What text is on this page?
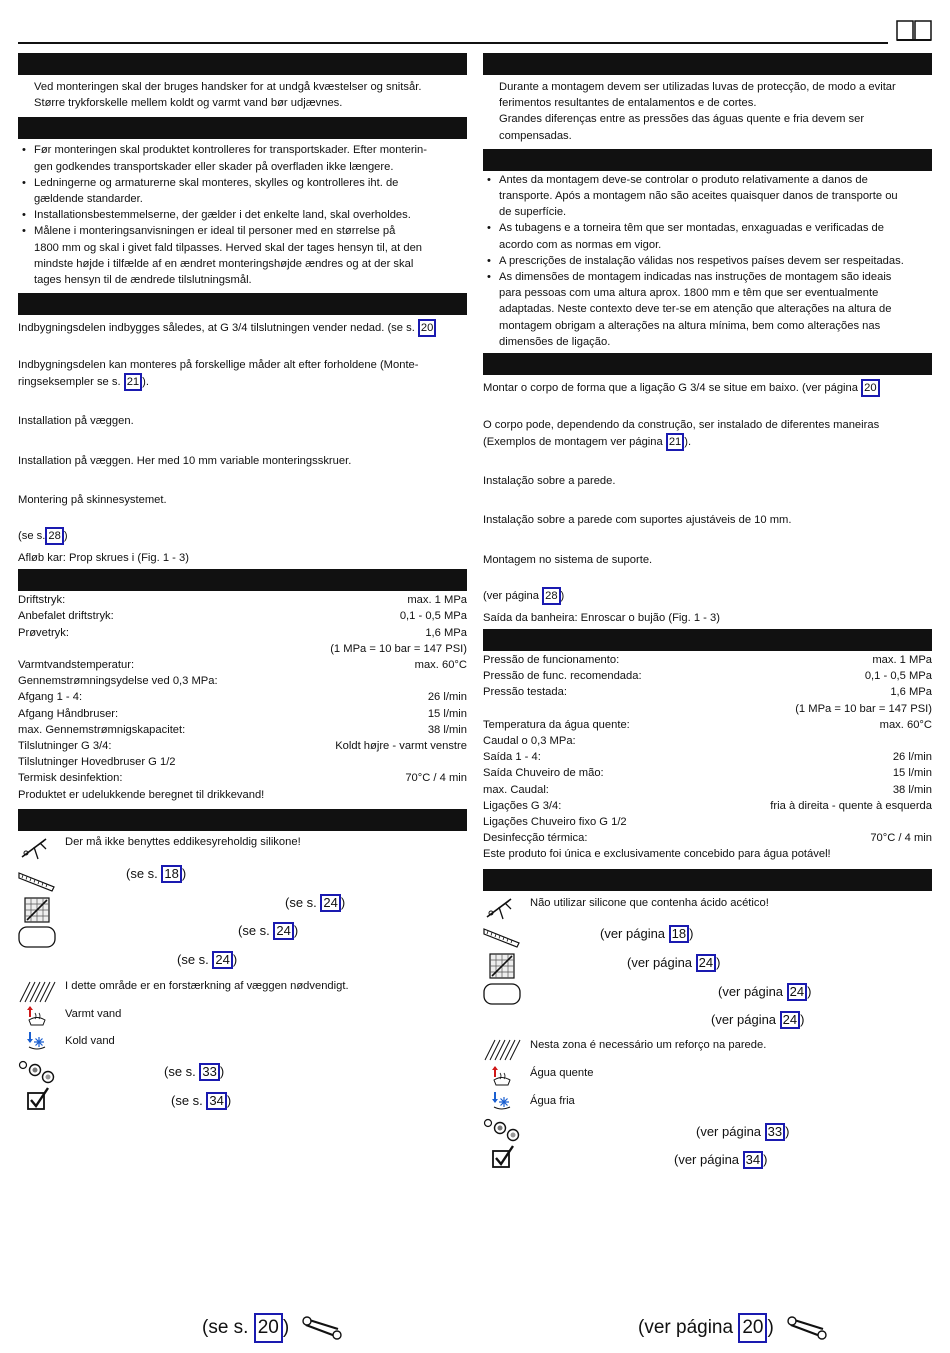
Ved monteringen skal der bruges handsker for at undgå kvæstelser og snitsår.
Større trykforskelle mellem koldt og varmt vand bør udjævnes.
• Før monteringen skal produktet kontrolleres for transportskader. Efter monterin-
gen godkendes transportskader eller skader på overfladen ikke længere.
• Ledningerne og armaturerne skal monteres, skylles og kontrolleres iht. de
gældende standarder.
• Installationsbestemmelserne, der gælder i det enkelte land, skal overholdes.
• Målene i monteringsanvisningen er ideal til personer med en størrelse på
1800 mm og skal i givet fald tilpasses. Herved skal der tages hensyn til, at den
mindste højde i tilfælde af en ændret monteringshøjde ændres og at der skal
tages hensyn til de ændrede tilslutningsmål.
Indbygningsdelen indbygges således, at G 3/4 tilslutningen vender nedad. (se s. 20
Indbygningsdelen kan monteres på forskellige måder alt efter forholdene (Monte-
ringseksempler se s. 21 ).
Installation på væggen.
Installation på væggen. Her med 10 mm variable monteringsskruer.
Montering på skinnesystemet.
(se s. 28 )
Afløb kar: Prop skrues i (Fig. 1 - 3)
Driftstryk:	max. 1 MPa
Anbefalet driftstryk:	0,1 - 0,5 MPa
Prøvetryk:	1,6 MPa
(1 MPa = 10 bar = 147 PSI)
Varmtvandstemperatur:	max. 60°C
Gennemstrømningsydelse ved 0,3 MPa:
Afgang 1 - 4:	26 l/min
Afgang Håndbruser:	15 l/min
max. Gennemstrømnigskapacitet:	38 l/min
Tilslutninger G 3/4:	Koldt højre - varmt venstre
Tilslutninger Hovedbruser G 1/2
Termisk desinfektion:	70°C / 4 min
Produktet er udelukkende beregnet til drikkevand!
Der må ikke benyttes eddikesyreholdig silikone!
(se s. 18 )
(se s. 24 )
(se s. 24 )
(se s. 24 )
I dette område er en forstærkning af væggen nødvendigt.
Varmt vand
Kold vand
(se s. 33 )
(se s. 34 )
(se s. 20 )
Durante a montagem devem ser utilizadas luvas de protecção, de modo a evitar
ferimentos resultantes de entalamentos e de cortes.
Grandes diferenças entre as pressões das águas quente e fria devem ser
compensadas.
• Antes da montagem deve-se controlar o produto relativamente a danos de
transporte. Após a montagem não são aceites quaisquer danos de transporte ou
de superfície.
• As tubagens e a torneira têm que ser montadas, enxaguadas e verificadas de
acordo com as normas em vigor.
• A prescrições de instalação válidas nos respetivos países devem ser respeitadas.
• As dimensões de montagem indicadas nas instruções de montagem são ideais
para pessoas com uma altura aprox. 1800 mm e têm que ser eventualmente
adaptadas. Neste contexto deve ter-se em atenção que alterações na altura de
montagem obrigam a alterações na altura mínima, bem como alterações nas
dimensões de ligação.
Montar o corpo de forma que a ligação G 3/4 se situe em baixo. (ver página 20
O corpo pode, dependendo da construção, ser instalado de diferentes maneiras
(Exemplos de montagem ver página 21 ).
Instalação sobre a parede.
Instalação sobre a parede com suportes ajustáveis de 10 mm.
Montagem no sistema de suporte.
(ver página 28 )
Saída da banheira: Enroscar o bujão (Fig. 1 - 3)
Pressão de funcionamento:	max. 1 MPa
Pressão de func. recomendada:	0,1 - 0,5 MPa
Pressão testada:	1,6 MPa
(1 MPa = 10 bar = 147 PSI)
Temperatura da água quente:	max. 60°C
Caudal o 0,3 MPa:
Saída 1 - 4:	26 l/min
Saída Chuveiro de mão:	15 l/min
max. Caudal:	38 l/min
Ligações G 3/4:	fria à direita - quente à esquerda
Ligações Chuveiro fixo G 1/2
Desinfecção térmica:	70°C / 4 min
Este produto foi única e exclusivamente concebido para água potável!
Não utilizar silicone que contenha ácido acético!
(ver página 18 )
(ver página 24 )
(ver página 24 )
(ver página 24 )
Nesta zona é necessário um reforço na parede.
Água quente
Água fria
(ver página 33 )
(ver página 34 )
(ver página 20 )
